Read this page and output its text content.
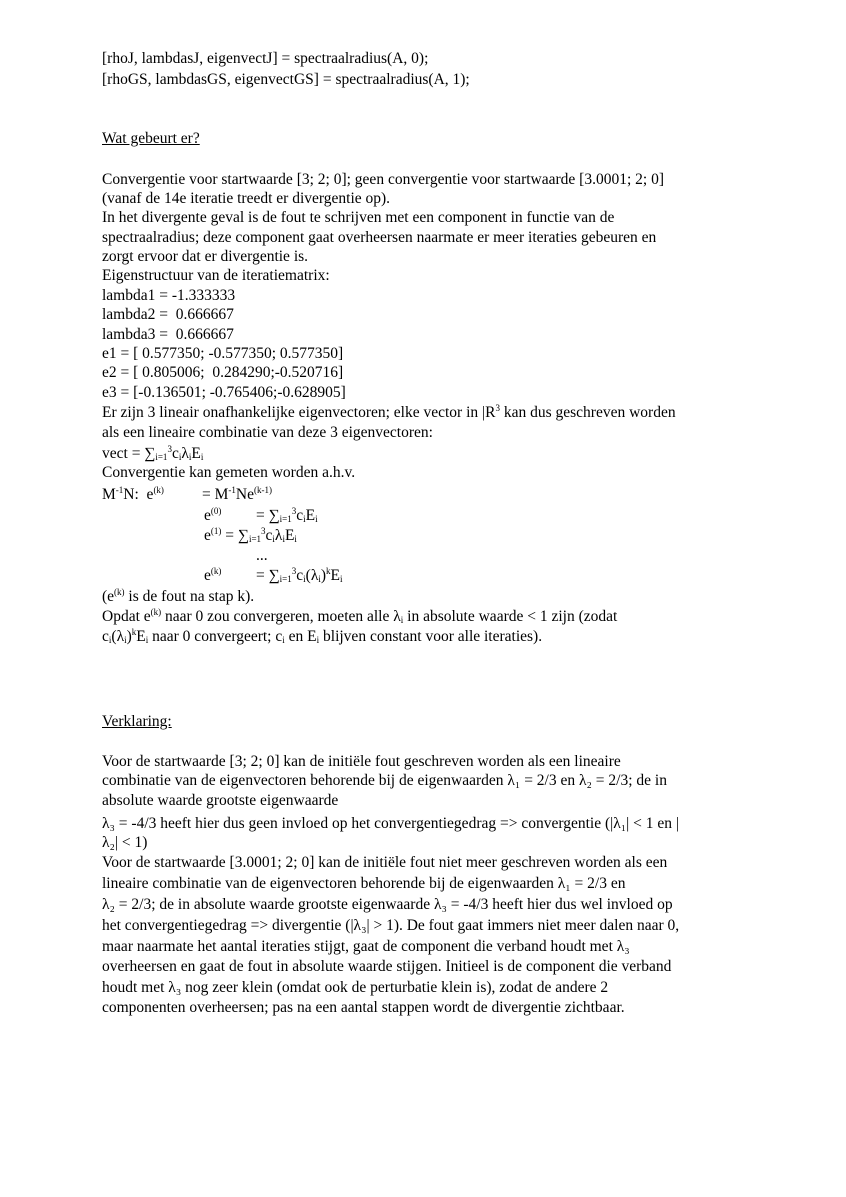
[rhoJ, lambdasJ, eigenvectJ] = spectraalradius(A, 0);
[rhoGS, lambdasGS, eigenvectGS] = spectraalradius(A, 1);
Wat gebeurt er?
Convergentie voor startwaarde [3; 2; 0]; geen convergentie voor startwaarde [3.0001; 2; 0]
(vanaf de 14e iteratie treedt er divergentie op).
In het divergente geval is de fout te schrijven met een component in functie van de
spectraalradius; deze component gaat overheersen naarmate er meer iteraties gebeuren en
zorgt ervoor dat er divergentie is.
Eigenstructuur van de iteratiematrix:
lambda1 = -1.333333
lambda2 =  0.666667
lambda3 =  0.666667
e1 = [ 0.577350; -0.577350; 0.577350]
e2 = [ 0.805006;  0.284290;-0.520716]
e3 = [-0.136501; -0.765406;-0.628905]
Er zijn 3 lineair onafhankelijke eigenvectoren; elke vector in $|R^3$ kan dus geschreven worden
als een lineaire combinatie van deze 3 eigenvectoren:
vect = $\sum_{i=1}^3c_i\lambda_iE_i$
Convergentie kan gemeten worden a.h.v.
$M^{-1}N$:  $e^{(k)} = M^{-1}Ne^{(k-1)}$
$e^{(0)} = \sum_{i=1}^3c_iE_i$
$e^{(1)} = \sum_{i=1}^3c_i\lambda_iE_i$
...
$e^{(k)} = \sum_{i=1}^3c_i(\lambda_i)^kE_i$
($e^{(k)}$ is de fout na stap k).
Opdat $e^{(k)}$ naar 0 zou convergeren, moeten alle $\lambda_i$ in absolute waarde < 1 zijn (zodat
$c_i(\lambda_i)^kE_i$ naar 0 convergeert; $c_i$ en $E_i$ blijven constant voor alle iteraties).
Verklaring:
Voor de startwaarde [3; 2; 0] kan de initiële fout geschreven worden als een lineaire
combinatie van de eigenvectoren behorende bij de eigenwaarden λ₁ = 2/3 en λ₂ = 2/3; de in
absolute waarde grootste eigenwaarde
λ₃ = -4/3 heeft hier dus geen invloed op het convergentiegedrag => convergentie (|λ₁| < 1 en |
λ₂| < 1)
Voor de startwaarde [3.0001; 2; 0] kan de initiële fout niet meer geschreven worden als een
lineaire combinatie van de eigenvectoren behorende bij de eigenwaarden λ₁ = 2/3 en
λ₂ = 2/3; de in absolute waarde grootste eigenwaarde λ₃ = -4/3 heeft hier dus wel invloed op
het convergentiegedrag => divergentie (|λ₃| > 1). De fout gaat immers niet meer dalen naar 0,
maar naarmate het aantal iteraties stijgt, gaat de component die verband houdt met λ₃
overheersen en gaat de fout in absolute waarde stijgen. Initieel is de component die verband
houdt met λ₃ nog zeer klein (omdat ook de perturbatie klein is), zodat de andere 2
componenten overheersen; pas na een aantal stappen wordt de divergentie zichtbaar.
